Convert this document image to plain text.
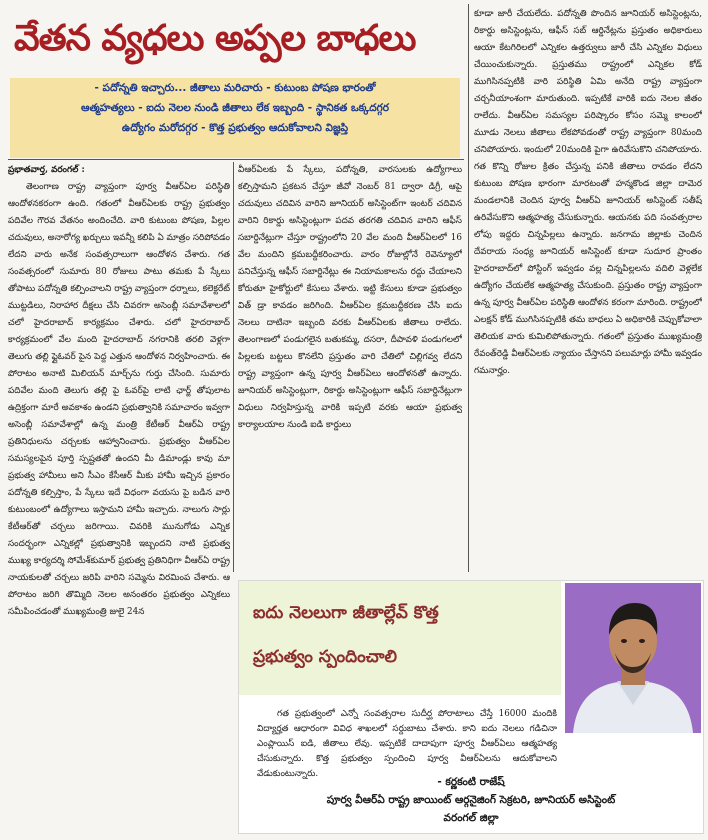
వేతన వ్యధలు అప్పల బాధలు

- పదోన్నతి ఇచ్చారు... జీతాలు మరిచారు - కుటుంబ పోషణ భారంతో

ఆత్మహత్యలు - ఐదు నెలల నుండి జీతాలు లేక ఇబ్బంది - స్థానికత ఒక్కదగ్గర

ఉద్యోగం మరోదగ్గర - కొత్త ప్రభుత్వం ఆదుకోవాలని విజ్ఞప్తి

ప్రభాతవార్త, వరంగల్ :

తెలంగాణ రాష్ట్ర వ్యాప్తంగా పూర్వ వీఆర్ఏల పరిస్థితి ఆందోళనకరంగా ఉంది. గతంలో వీఆర్ఏలకు రాష్ట్ర ప్రభుత్వం పదివేల గౌరవ వేతనం అందించేది. వారి కుటుంబ పోషణ, పిల్లల చదువులు, అనారోగ్య ఖర్చులు ఇవన్నీ కలిపి ఏ మాత్రం సరిపోవడం లేదని వారు అనేక సంవత్సరాలుగా ఆందోళన చేశారు. గత సంవత్సరంలో సుమారు 80 రోజులు పాటు తమకు పే స్కేలు తోపాటు పదోన్నతి కల్పించాలని రాష్ట్ర వ్యాప్తంగా ధర్నాలు, కలెక్టరేట్ ముట్టడిలు, నిరాహార దీక్షలు చేసి చివరగా అసెంబ్లీ సమావేశాలలో చలో హైదరాబాద్ కార్యక్రమం చేశారు. చలో హైదరాబాద్ కార్యక్రమంలో వేల మంది హైదరాబాద్ నగరానికి తరలి వెళ్లగా తెలుగు తల్లి ఫ్లైఓవర్ పైన పెద్ద ఎత్తున ఆందోళన నిర్వహించారు. ఈ పోరాటం అనాటి మిలియన్ మార్చ్‌ను గుర్తు చేసింది. సుమారు పదివేల మంది తెలుగు తల్లి పై ఓవర్‌పై లాటి ఛార్జ్ తోపులాట ఉద్రిక్తంగా మారే అవకాశం ఉండని ప్రభుత్వానికి సమాచారం ఇవ్వగా అసెంబ్లీ సమావేశాల్లో ఉన్న మంత్రి కేటీఆర్ వీఆర్ఏ రాష్ట్ర ప్రతినిధులను చర్చలకు ఆహ్వానించారు. ప్రభుత్వం వీఆర్ఏల సమస్యలపైన పూర్తి స్పష్టతతో ఉందని మీ డిమాండ్లు కావు మా ప్రభుత్వ హామీలు అని సీఎం కేసీఆర్ మీకు హామీ ఇచ్చిన ప్రకారం పదోన్నతి కల్పిస్తాం, పే స్కేలు ఇదే విధంగా వయసు పై బడిన వారి కుటుంబంలో ఉద్యోగాలు ఇస్తామని హామీ ఇచ్చారు. నాలుగు సార్లు కేటీఆర్‌తో చర్చలు జరిగాయి. చివరికి మునుగోడు ఎన్నిక సందర్భంగా ఎన్నికల్లో ప్రభుత్వానికి ఇబ్బందని నాటి ప్రభుత్వ ముఖ్య కార్యదర్శి సోమేశ్‌కుమార్ ప్రభుత్వ ప్రతినిధిగా వీఆర్ఏ రాష్ట్ర నాయకులతో చర్చలు జరిపి వారిని సమ్మెను విరమింప చేశారు. ఆ పోరాటం జరిగి తొమ్మిది నెలల అనంతరం ప్రభుత్వం ఎన్నికలు సమీపించడంతో ముఖ్యమంత్రి జులై 24న

వీఆర్ఏలకు పే స్కేలు, పదోన్నతి, వారసులకు ఉద్యోగాలు కల్పిస్తామని ప్రకటన చేస్తూ జీవో నెంబర్ 81 ద్వారా డిగ్రీ, ఆపై చదువులు చదివిన వారిని జూనియర్ అసిస్టెంట్‌గా ఇంటర్ చదివిన వారిని రికార్డు అసిస్టెంట్లుగా పదవ తరగతి చదివిన వారిని ఆఫీస్ సబార్డినేట్లుగా చేస్తూ రాష్ట్రంలోని 20 వేల మంది వీఆర్ఏలలో 16 వేల మందిని క్రమబద్దీకరించారు. వారం రోజుల్లోనే రెవెన్యూలో పనిచేస్తున్న ఆఫీస్ సబార్డినేట్లు ఈ నియామకాలను రద్దు చేయాలని కోరుతూ హైకోర్టులో కేసులు వేశారు. ఇట్టి కేసులు కూడా ప్రభుత్వం విత్ డ్రా కావడం జరిగింది. వీఆర్ఏల క్రమబద్దీకరణ చేసి ఐదు నెలలు దాటినా ఇబ్బంది వరకు వీఆర్ఏలకు జీతాలు రాలేదు. తెలంగాణలో పండుగలైన బతుకమ్మ, దసరా, దీపావళి పండుగలలో పిల్లలకు బట్టలు కొనలేని ప్రస్తుతం వారి చేతిలో చిల్లిగవ్వ లేదని రాష్ట్ర వ్యాప్తంగా ఉన్న పూర్వ వీఆర్ఏలు ఆందోళనతో ఉన్నారు. జూనియర్ అసిస్టెంట్లుగా, రికార్డు అసిస్టెంట్లుగా ఆఫీస్ సబార్డినేట్లుగా విధులు నిర్వహిస్తున్న వారికి ఇప్పటి వరకు ఆయా ప్రభుత్వ కార్యాలయాల నుండి ఐడి కార్డులు

కూడా జారీ చేయలేదు. పదోన్నతి పొందిన జూనియర్ అసిస్టెంట్లను, రికార్డు అసిస్టెంట్లను, ఆఫీస్ సబ్ ఆర్డినేట్లను ప్రస్తుతం అధికారులు ఆయా కేటగిరిలలో ఎన్నికల ఉత్తర్వులు జారీ చేసి ఎన్నికల విధులు చేయించుకున్నారు. ప్రస్తుతము రాష్ట్రంలో ఎన్నికల కోడ్ ముగిసినప్పటికి వారి పరిస్థితి ఏమి అనేది రాష్ట్ర వ్యాప్తంగా చర్చనీయాంశంగా మారుతుంది. ఇప్పటికే వారికి ఐదు నెలల జీతం రాలేదు. వీఆర్ఏల సమస్యల పరిష్కారం కోసం సమ్మె కాలంలో మూడు నెలలు జీతాలు లేకపోవడంతో రాష్ట్ర వ్యాప్తంగా 80మంది చనిపోయారు. ఇందులో 20మందికి పైగా ఉరివేసుకొని చనిపోయారు. గత కొన్ని రోజుల క్రితం చేస్తున్న పనికి జీతాలు రావడం లేదని కుటుంబ పోషణ భారంగా మారటంతో హన్మకొండ జిల్లా దామెర మండలానికి చెందిన పూర్వ వీఆర్ఏ జూనియర్ అసిస్టెంట్ సతీష్ ఉరివేసుకొని ఆత్మహత్య చేసుకున్నారు. ఆయనకు పది సంవత్సరాల లోపు ఇద్దరు చిన్నపిల్లలు ఉన్నారు. జనగామ జిల్లాకు చెందిన దేవరాయ సంధ్య జూనియర్ అసిస్టెంట్ కూడా సుదూర ప్రాంతం హైదరాబాద్‌లో పోస్టింగ్ ఇవ్వడం వల్ల చిన్నపిల్లలను వదిలి వెళ్లలేక ఉద్యోగం చేయలేక ఆత్మహత్య చేసుకుంది. ప్రస్తుతం రాష్ట్ర వ్యాప్తంగా ఉన్న పూర్వ వీఆర్ఏల పరిస్థితి ఆందోళన కరంగా మారింది. రాష్ట్రంలో ఎలక్షన్ కోడ్ ముగిసినప్పటికి తమ బాధలు ఏ అధికారికి చెప్పుకోవాలా తెలియక వారు కుమిలిపోతున్నారు. గతంలో ప్రస్తుతం ముఖ్యమంత్రి రేవంత్‌రెడ్డి వీఆర్ఏలకు న్యాయం చేస్తానని పలుమార్లు హామీ ఇవ్వడం గమనార్హం.

ఐదు నెలలుగా జీతాల్లేవ్ కొత్త
ప్రభుత్వం స్పందించాలి
గత ప్రభుత్వంలో ఎన్నో సంవత్సరాల సుదీర్ఘ పోరాటాలు చేస్తే 16000 మందికి విద్యార్హత ఆధారంగా వివిధ శాఖలలో సర్దుబాటు చేశారు. కాని ఐదు నెలలు గడిచినా ఎంప్లాయిస్ ఐడి, జీతాలు లేవు. ఇప్పటికే దాదాపుగా పూర్వ వీఆర్ఏలు ఆత్మహత్య చేసుకున్నారు. కొత్త ప్రభుత్వం స్పందించి పూర్వ వీఆర్ఏలను ఆదుకోవాలని వేడుకుంటున్నారు.
- కర్ణకంటి రాజేష్
పూర్వ వీఆర్ఏ రాష్ట్ర జాయింట్ ఆర్గనైజింగ్ సెక్రటరి, జూనియర్ అసిస్టెంట్
వరంగల్ జిల్లా
